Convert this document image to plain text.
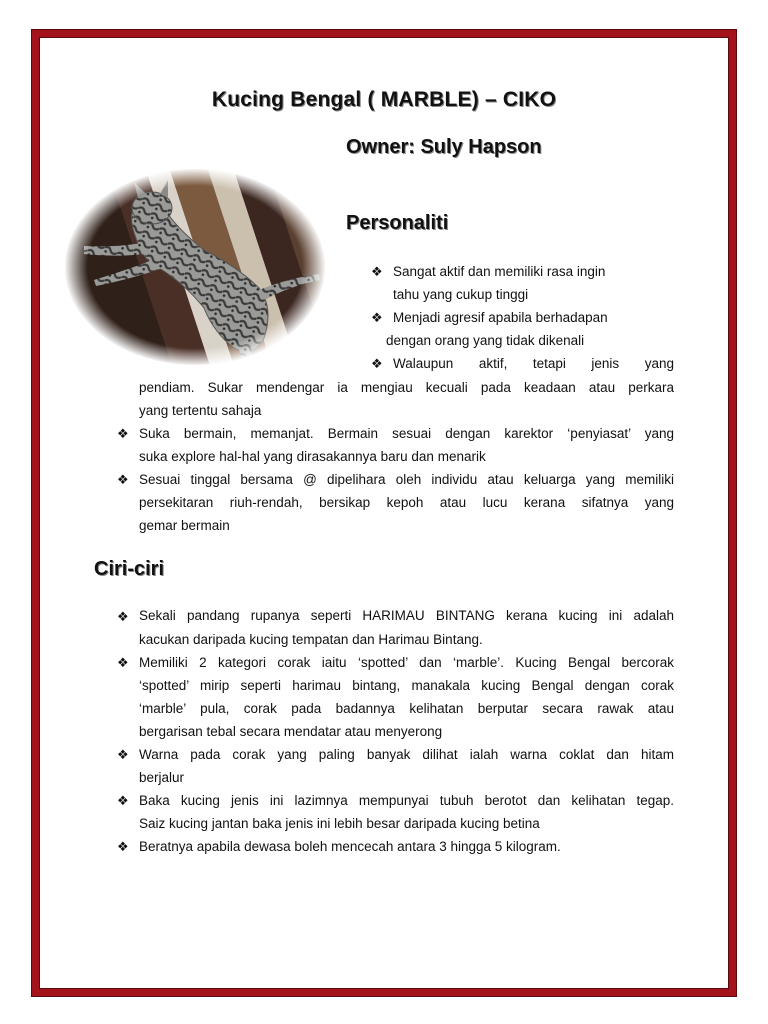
Kucing Bengal ( MARBLE) – CIKO
Owner: Suly Hapson
Personaliti
❖ Sangat aktif dan memiliki rasa ingin
tahu yang cukup tinggi
❖ Menjadi agresif apabila berhadapan
dengan orang yang tidak dikenali
❖ Walaupun aktif, tetapi jenis yang
pendiam. Sukar mendengar ia mengiau kecuali pada keadaan atau perkara
yang tertentu sahaja
❖ Suka bermain, memanjat. Bermain sesuai dengan karektor ‘penyiasat’ yang
suka explore hal-hal yang dirasakannya baru dan menarik
❖ Sesuai tinggal bersama @ dipelihara oleh individu atau keluarga yang memiliki
persekitaran riuh-rendah, bersikap kepoh atau lucu kerana sifatnya yang
gemar bermain
Ciri-ciri
❖ Sekali pandang rupanya seperti HARIMAU BINTANG kerana kucing ini adalah
kacukan daripada kucing tempatan dan Harimau Bintang.
❖ Memiliki 2 kategori corak iaitu ‘spotted’ dan ‘marble’. Kucing Bengal bercorak
‘spotted’ mirip seperti harimau bintang, manakala kucing Bengal dengan corak
‘marble’ pula, corak pada badannya kelihatan berputar secara rawak atau
bergarisan tebal secara mendatar atau menyerong
❖ Warna pada corak yang paling banyak dilihat ialah warna coklat dan hitam
berjalur
❖ Baka kucing jenis ini lazimnya mempunyai tubuh berotot dan kelihatan tegap.
Saiz kucing jantan baka jenis ini lebih besar daripada kucing betina
❖ Beratnya apabila dewasa boleh mencecah antara 3 hingga 5 kilogram.
